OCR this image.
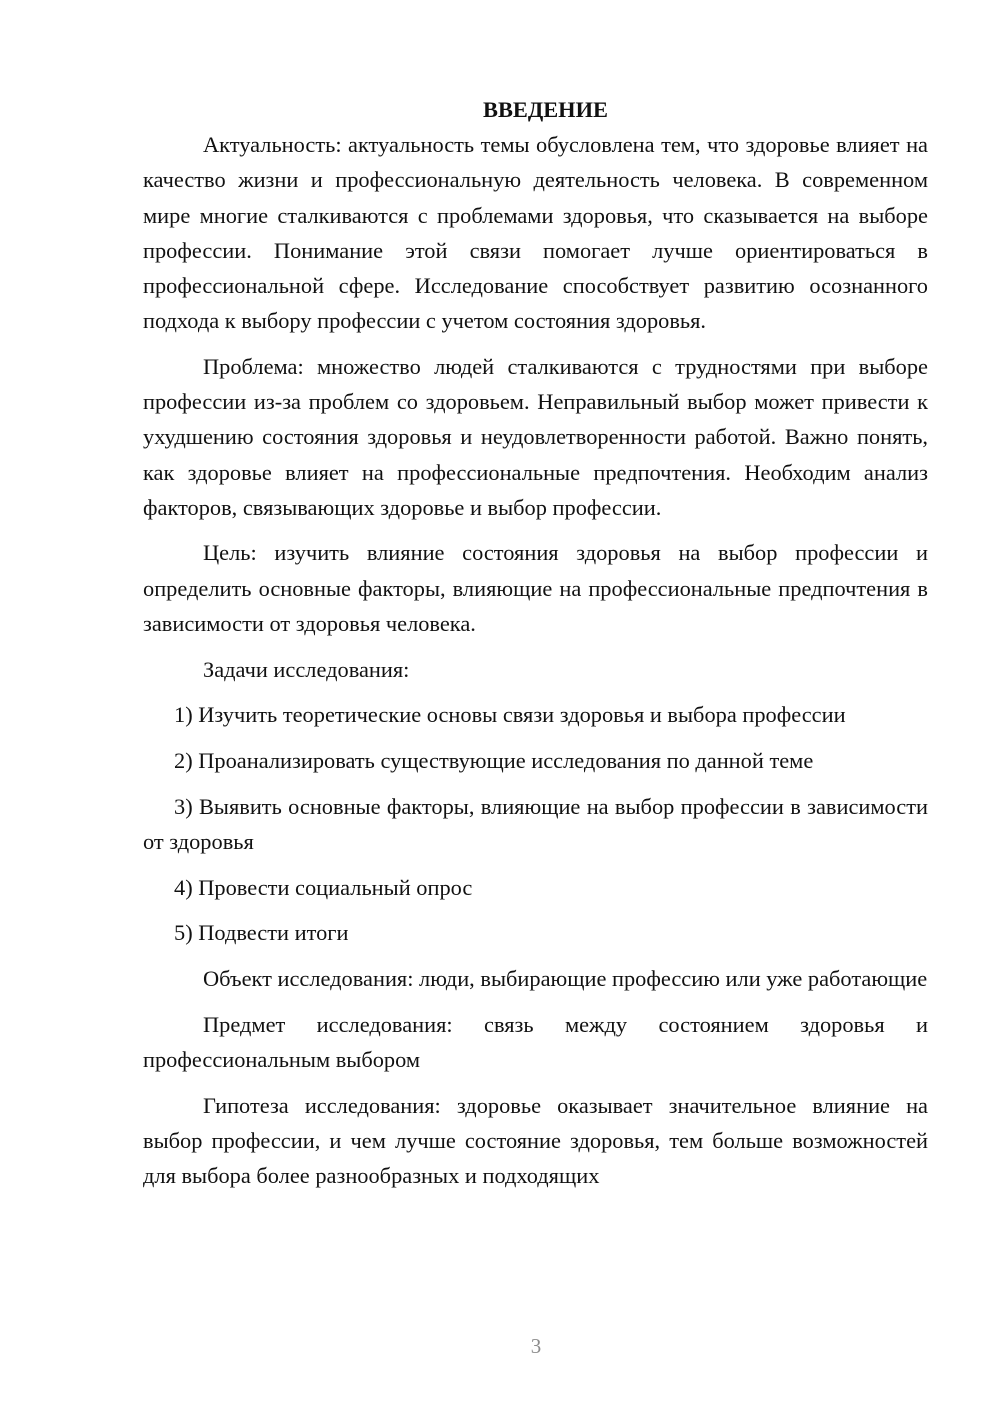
ВВЕДЕНИЕ

Актуальность: актуальность темы обусловлена тем, что здоровье влияет на качество жизни и профессиональную деятельность человека. В современном мире многие сталкиваются с проблемами здоровья, что сказывается на выборе профессии. Понимание этой связи помогает лучше ориентироваться в профессиональной сфере. Исследование способствует развитию осознанного подхода к выбору профессии с учетом состояния здоровья.

Проблема: множество людей сталкиваются с трудностями при выборе профессии из-за проблем со здоровьем. Неправильный выбор может привести к ухудшению состояния здоровья и неудовлетворенности работой. Важно понять, как здоровье влияет на профессиональные предпочтения. Необходим анализ факторов, связывающих здоровье и выбор профессии.

Цель: изучить влияние состояния здоровья на выбор профессии и определить основные факторы, влияющие на профессиональные предпочтения в зависимости от здоровья человека.

Задачи исследования:

1) Изучить теоретические основы связи здоровья и выбора профессии

2) Проанализировать существующие исследования по данной теме

3) Выявить основные факторы, влияющие на выбор профессии в зависимости от здоровья

4) Провести социальный опрос

5) Подвести итоги

Объект исследования: люди, выбирающие профессию или уже работающие

Предмет исследования: связь между состоянием здоровья и профессиональным выбором

Гипотеза исследования: здоровье оказывает значительное влияние на выбор профессии, и чем лучше состояние здоровья, тем больше возможностей для выбора более разнообразных и подходящих

3
